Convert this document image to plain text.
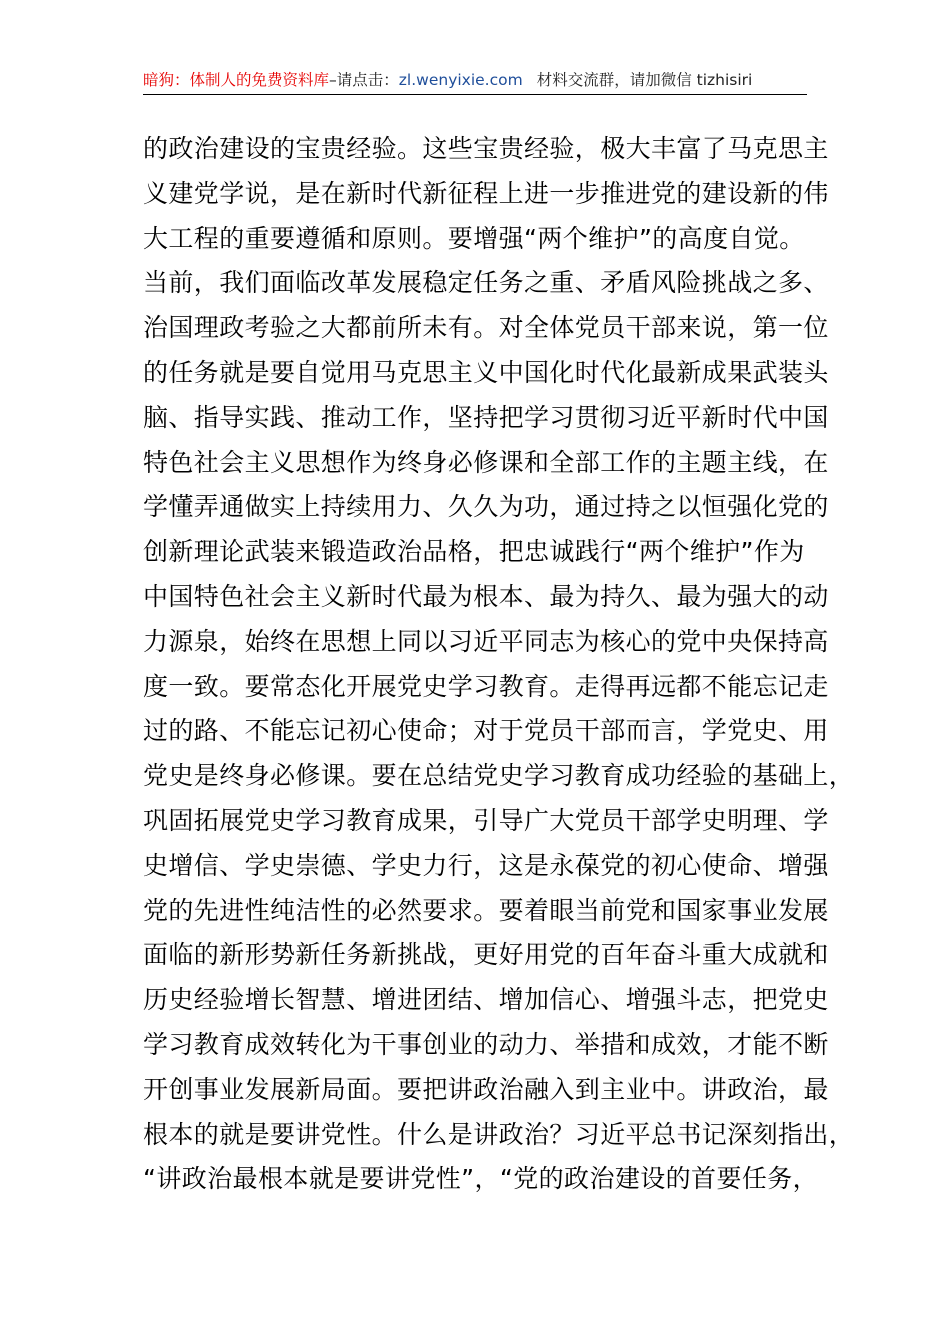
暗狗：体制人的免费资料库–请点击：zl.wenyixie.com 材料交流群，请加微信 tizhisiri
的政治建设的宝贵经验。这些宝贵经验，极大丰富了马克思主
义建党学说，是在新时代新征程上进一步推进党的建设新的伟
大工程的重要遵循和原则。要增强“两个维护”的高度自觉。
当前，我们面临改革发展稳定任务之重、矛盾风险挑战之多、
治国理政考验之大都前所未有。对全体党员干部来说，第一位
的任务就是要自觉用马克思主义中国化时代化最新成果武装头
脑、指导实践、推动工作，坚持把学习贯彻习近平新时代中国
特色社会主义思想作为终身必修课和全部工作的主题主线，在
学懂弄通做实上持续用力、久久为功，通过持之以恒强化党的
创新理论武装来锻造政治品格，把忠诚践行“两个维护”作为
中国特色社会主义新时代最为根本、最为持久、最为强大的动
力源泉，始终在思想上同以习近平同志为核心的党中央保持高
度一致。要常态化开展党史学习教育。走得再远都不能忘记走
过的路、不能忘记初心使命；对于党员干部而言，学党史、用
党史是终身必修课。要在总结党史学习教育成功经验的基础上，
巩固拓展党史学习教育成果，引导广大党员干部学史明理、学
史增信、学史崇德、学史力行，这是永葆党的初心使命、增强
党的先进性纯洁性的必然要求。要着眼当前党和国家事业发展
面临的新形势新任务新挑战，更好用党的百年奋斗重大成就和
历史经验增长智慧、增进团结、增加信心、增强斗志，把党史
学习教育成效转化为干事创业的动力、举措和成效，才能不断
开创事业发展新局面。要把讲政治融入到主业中。讲政治，最
根本的就是要讲党性。什么是讲政治？习近平总书记深刻指出，
“讲政治最根本就是要讲党性”，“党的政治建设的首要任务，
